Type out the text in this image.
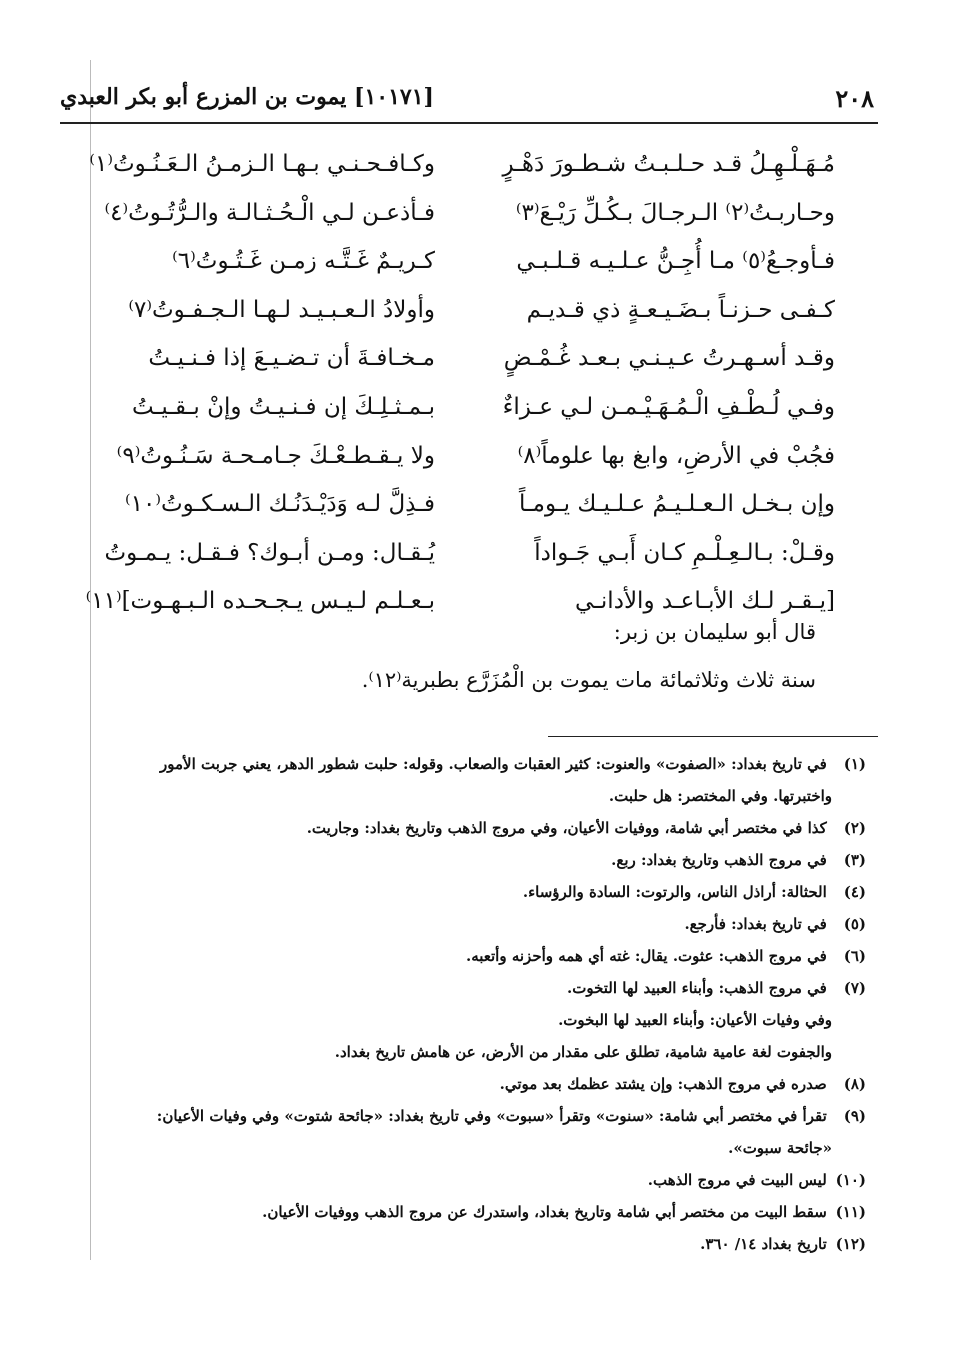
٢٠٨
[١٠١٧١] يموت بن المزرع أبو بكر العبدي
مُـهَـلْـهِـلُ قـد حـلـبـتُ شـطـورَ دَهْـرٍ
وكـافـحـنـي بـهـا الـزمـنُ الـعَـنُـوتُ⁽١⁾
وحـاربـتُ⁽٢⁾ الـرجـالَ بـكُـلِّ رَيْـعَ⁽٣⁾
فـأذعـن لـي الْـحُـثـالـة والـرُّتُـوتُ⁽٤⁾
فـأوجـعُ⁽٥⁾ مـا أُجِـنُّ عـلـيـه قـلـبـي
كـريـمٌ غَـتَّـه زمـن غَـتُـوتُ⁽٦⁾
كـفـى حـزنـاً بـضَـيـعـةٍ ذي قـديـم
وأولادُ الـعـبـيـد لـهـا الـجـفـوتُ⁽٧⁾
وقـد أسـهـرتُ عـيـنـي بـعـد غُـمْـضٍ
مـخـافـةَ أن تـضـيـعَ إذا فـنـيـتُ
وفـي لُـطْـفِ الْـمُـهَـيْـمـن لـي عـزاءٌ
بـمـثـلِـكَ إن فـنـيـتُ وإنْ بـقـيـتُ
فجُبْ في الأرضِ، وابغ بها علوماً⁽٨⁾
ولا يـقـطـعْـكَ جـامـحـة سَـنُـوتُ⁽٩⁾
وإن بـخـل الـعـلـيـمُ عـلـيـك يـومـاً
فـذِلَّ لـه وَدَيْـدَنُـك الـسـكـوتُ⁽١٠⁾
وقـلْ: بـالـعِـلْـمِ كـان أَبـي جَـواداً
يُـقـال: ومـن أبـوك؟ فـقـل: يـمـوتُ
[يـقـر لـك الأبـاعـد والأدانـي
بـعـلـم لـيـس يـجـحـده الـبـهـوت]⁽١١⁾
قال أبو سليمان بن زبر:
سنة ثلاث وثلاثمائة مات يموت بن الْمُزَرَّع بطبرية⁽١٢⁾.
(١) في تاريخ بغداد: «الصفوت» والعنوت: كثير العقبات والصعاب. وقوله: حلبت شطور الدهر، يعني جربت الأمور
واختبرتها. وفي المختصر: هل حلبت.
(٢) كذا في مختصر أبي شامة، ووفيات الأعيان، وفي مروج الذهب وتاريخ بغداد: وجاريت.
(٣) في مروج الذهب وتاريخ بغداد: ربع.
(٤) الحثالة: أراذل الناس، والرتوت: السادة والرؤساء.
(٥) في تاريخ بغداد: فأرجع.
(٦) في مروج الذهب: عثوت. يقال: غته أي همه وأحزنه وأتعبه.
(٧) في مروج الذهب: وأبناء العبيد لها التخوت.
وفي وفيات الأعيان: وأبناء العبيد لها البخوت.
والجفوت لغة عامية شامية، تطلق على مقدار من الأرض، عن هامش تاريخ بغداد.
(٨) صدره في مروج الذهب: وإن يشتد عظمك بعد موتي.
(٩) تقرأ في مختصر أبي شامة: «سنوت» وتقرأ «سبوت» وفي تاريخ بغداد: «جائحة شتوت» وفي وفيات الأعيان:
«جائحة سبوت».
(١٠) ليس البيت في مروج الذهب.
(١١) سقط البيت من مختصر أبي شامة وتاريخ بغداد، واستدرك عن مروج الذهب ووفيات الأعيان.
(١٢) تاريخ بغداد ١٤/ ٣٦٠.
